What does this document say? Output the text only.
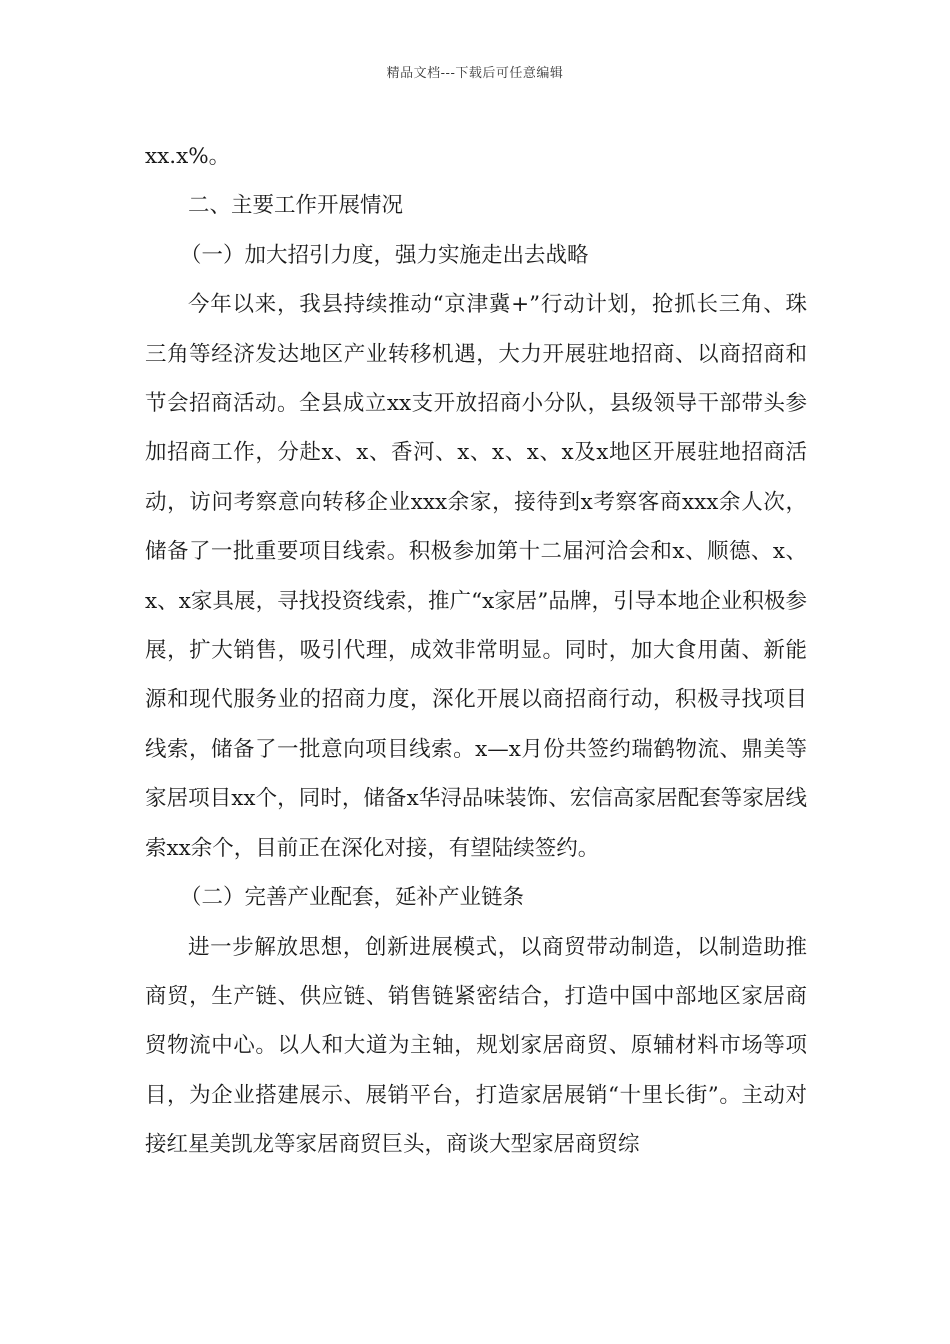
精品文档---下载后可任意编辑

xx.x%。

二、主要工作开展情况

（一）加大招引力度，强力实施走出去战略

今年以来，我县持续推动“京津冀+”行动计划，抢抓长三角、珠三角等经济发达地区产业转移机遇，大力开展驻地招商、以商招商和节会招商活动。全县成立xx支开放招商小分队，县级领导干部带头参加招商工作，分赴x、x、香河、x、x、x、x及x地区开展驻地招商活动，访问考察意向转移企业xxx余家，接待到x考察客商xxx余人次，储备了一批重要项目线索。积极参加第十二届河洽会和x、顺德、x、x、x家具展，寻找投资线索，推广“x家居”品牌，引导本地企业积极参展，扩大销售，吸引代理，成效非常明显。同时，加大食用菌、新能源和现代服务业的招商力度，深化开展以商招商行动，积极寻找项目线索，储备了一批意向项目线索。x—x月份共签约瑞鹤物流、鼎美等家居项目xx个，同时，储备x华浔品味装饰、宏信高家居配套等家居线索xx余个，目前正在深化对接，有望陆续签约。

（二）完善产业配套，延补产业链条

进一步解放思想，创新进展模式，以商贸带动制造，以制造助推商贸，生产链、供应链、销售链紧密结合，打造中国中部地区家居商贸物流中心。以人和大道为主轴，规划家居商贸、原辅材料市场等项目，为企业搭建展示、展销平台，打造家居展销“十里长街”。主动对接红星美凯龙等家居商贸巨头，商谈大型家居商贸综
